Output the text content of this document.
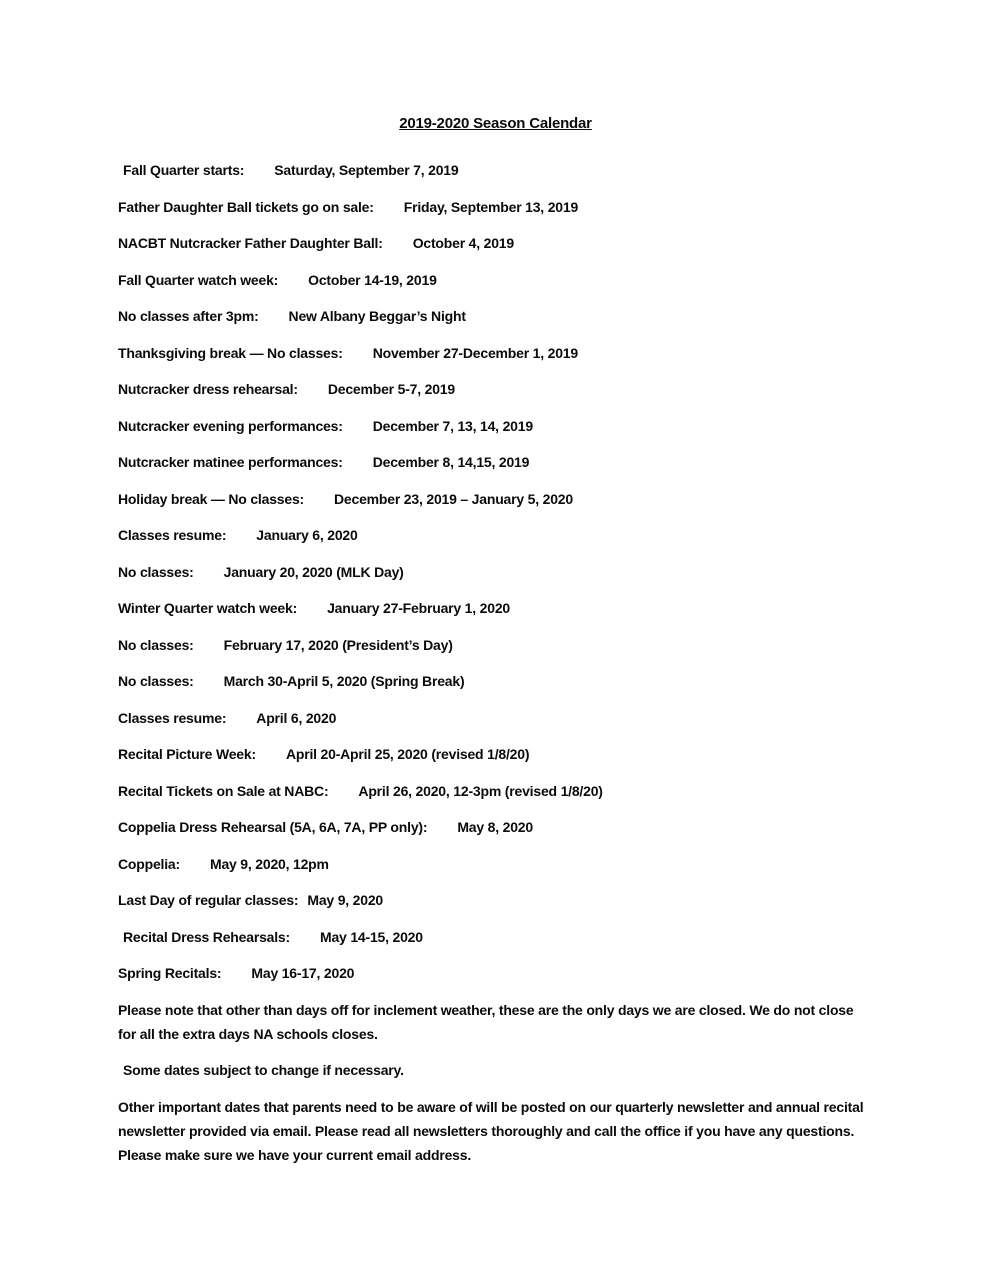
2019-2020 Season Calendar

Fall Quarter starts: Saturday, September 7, 2019

Father Daughter Ball tickets go on sale: Friday, September 13, 2019

NACBT Nutcracker Father Daughter Ball: October 4, 2019

Fall Quarter watch week: October 14-19, 2019

No classes after 3pm: New Albany Beggar’s Night

Thanksgiving break — No classes: November 27-December 1, 2019

Nutcracker dress rehearsal: December 5-7, 2019

Nutcracker evening performances: December 7, 13, 14, 2019

Nutcracker matinee performances: December 8, 14,15, 2019

Holiday break — No classes: December 23, 2019 – January 5, 2020

Classes resume: January 6, 2020

No classes: January 20, 2020 (MLK Day)

Winter Quarter watch week: January 27-February 1, 2020

No classes: February 17, 2020 (President’s Day)

No classes: March 30-April 5, 2020 (Spring Break)

Classes resume: April 6, 2020

Recital Picture Week: April 20-April 25, 2020 (revised 1/8/20)

Recital Tickets on Sale at NABC: April 26, 2020, 12-3pm (revised 1/8/20)

Coppelia Dress Rehearsal (5A, 6A, 7A, PP only): May 8, 2020

Coppelia: May 9, 2020, 12pm

Last Day of regular classes: May 9, 2020

Recital Dress Rehearsals: May 14-15, 2020

Spring Recitals: May 16-17, 2020

Please note that other than days off for inclement weather, these are the only days we are closed. We do not close for all the extra days NA schools closes.

Some dates subject to change if necessary.

Other important dates that parents need to be aware of will be posted on our quarterly newsletter and annual recital newsletter provided via email. Please read all newsletters thoroughly and call the office if you have any questions. Please make sure we have your current email address.
